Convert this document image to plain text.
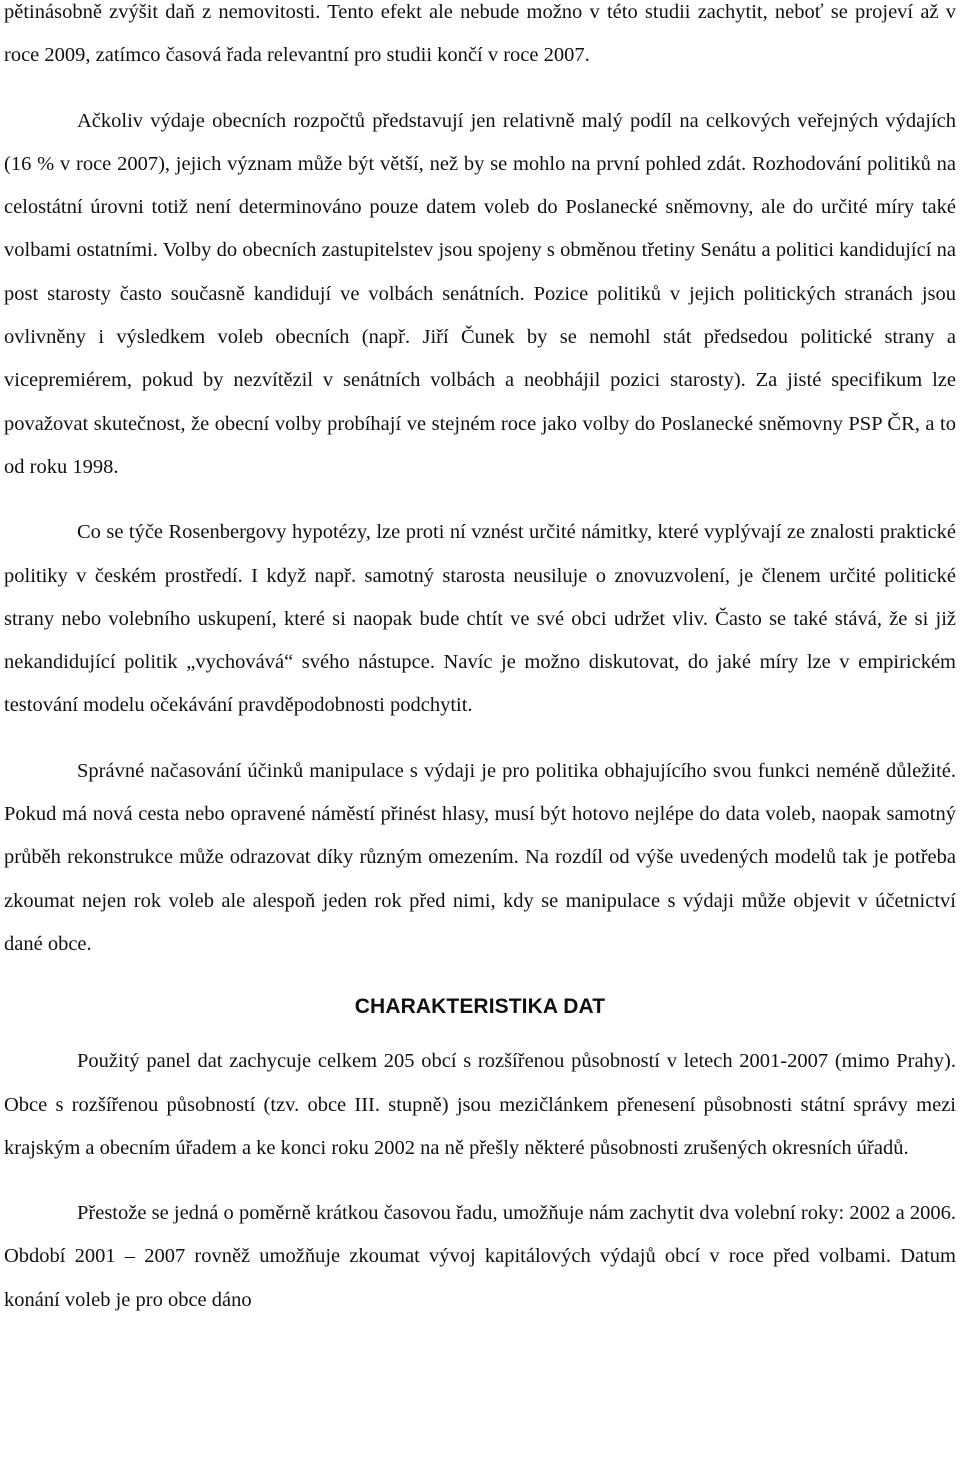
pětinásobně zvýšit daň z nemovitosti. Tento efekt ale nebude možno v této studii zachytit, neboť se projeví až v roce 2009, zatímco časová řada relevantní pro studii končí v roce 2007.

Ačkoliv výdaje obecních rozpočtů představují jen relativně malý podíl na celkových veřejných výdajích (16 % v roce 2007), jejich význam může být větší, než by se mohlo na první pohled zdát. Rozhodování politiků na celostátní úrovni totiž není determinováno pouze datem voleb do Poslanecké sněmovny, ale do určité míry také volbami ostatními. Volby do obecních zastupitelstev jsou spojeny s obměnou třetiny Senátu a politici kandidující na post starosty často současně kandidují ve volbách senátních. Pozice politiků v jejich politických stranách jsou ovlivněny i výsledkem voleb obecních (např. Jiří Čunek by se nemohl stát předsedou politické strany a vicepremiérem, pokud by nezvítězil v senátních volbách a neobhájil pozici starosty). Za jisté specifikum lze považovat skutečnost, že obecní volby probíhají ve stejném roce jako volby do Poslanecké sněmovny PSP ČR, a to od roku 1998.

Co se týče Rosenbergovy hypotézy, lze proti ní vznést určité námitky, které vyplývají ze znalosti praktické politiky v českém prostředí. I když např. samotný starosta neusiluje o znovuzvolení, je členem určité politické strany nebo volebního uskupení, které si naopak bude chtít ve své obci udržet vliv. Často se také stává, že si již nekandidující politik „vychovává“ svého nástupce. Navíc je možno diskutovat, do jaké míry lze v empirickém testování modelu očekávání pravděpodobnosti podchytit.

Správné načasování účinků manipulace s výdaji je pro politika obhajujícího svou funkci neméně důležité. Pokud má nová cesta nebo opravené náměstí přinést hlasy, musí být hotovo nejlépe do data voleb, naopak samotný průběh rekonstrukce může odrazovat díky různým omezením. Na rozdíl od výše uvedených modelů tak je potřeba zkoumat nejen rok voleb ale alespoň jeden rok před nimi, kdy se manipulace s výdaji může objevit v účetnictví dané obce.

CHARAKTERISTIKA DAT

Použitý panel dat zachycuje celkem 205 obcí s rozšířenou působností v letech 2001-2007 (mimo Prahy). Obce s rozšířenou působností (tzv. obce III. stupně) jsou mezičlánkem přenesení působnosti státní správy mezi krajským a obecním úřadem a ke konci roku 2002 na ně přešly některé působnosti zrušených okresních úřadů.

Přestože se jedná o poměrně krátkou časovou řadu, umožňuje nám zachytit dva volební roky: 2002 a 2006. Období 2001 – 2007 rovněž umožňuje zkoumat vývoj kapitálových výdajů obcí v roce před volbami. Datum konání voleb je pro obce dáno
